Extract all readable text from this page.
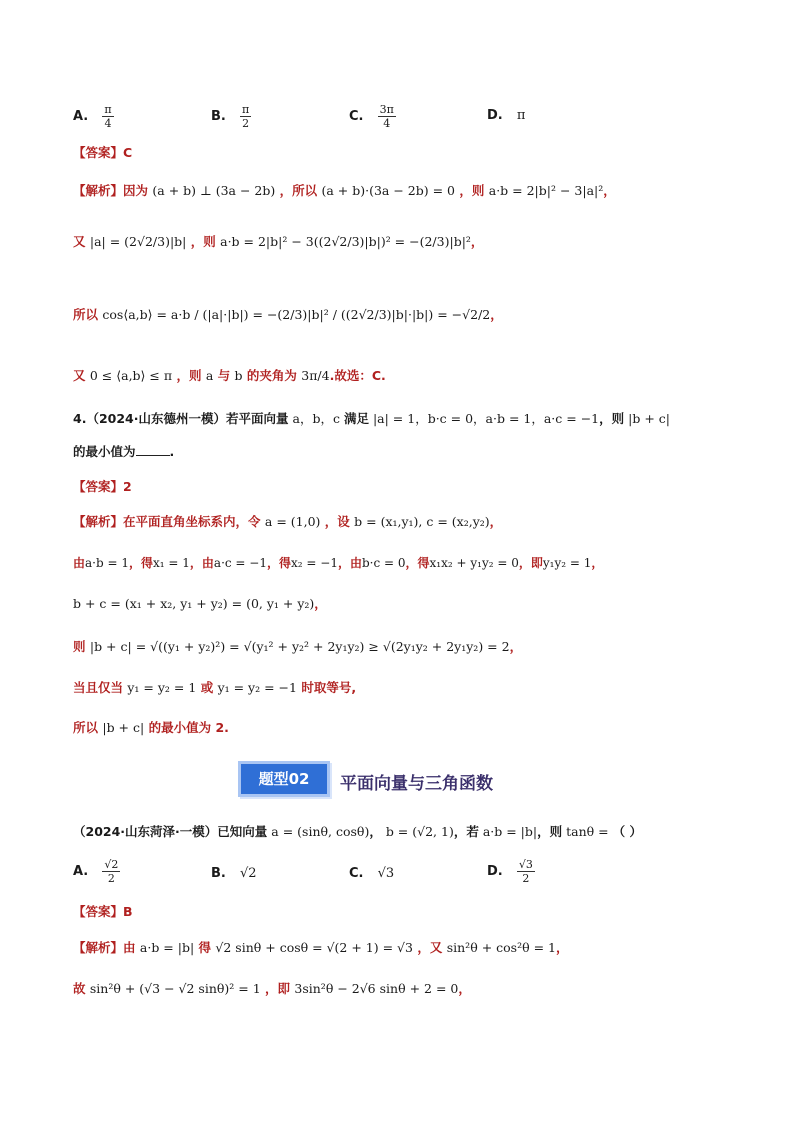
A. $\frac{\pi}{4}$	B. $\frac{\pi}{2}$	C. $\frac{3\pi}{4}$	D. π
【答案】C
【解析】因为 (a + b) ⊥ (3a − 2b) ，所以 (a + b)·(3a − 2b) = 0 ，则 a·b = 2|b|² − 3|a|²，
又 |a| = (2√2/3)|b| ，则 a·b = 2|b|² − 3((2√2/3)|b|)² = −(2/3)|b|²，
所以 cos⟨a,b⟩ = a·b / (|a|·|b|) = −(2/3)|b|² / ((2√2/3)|b|·|b|) = −√2/2，
又 0 ≤ ⟨a,b⟩ ≤ π ，则 a 与 b 的夹角为 3π/4.故选：C.
4.（2024·山东德州一模）若平面向量 a，b，c 满足 |a| = 1，b·c = 0，a·b = 1，a·c = −1，则 |b + c|
的最小值为	.
【答案】2
【解析】在平面直角坐标系内，令 a = (1,0) ，设 b = (x₁,y₁), c = (x₂,y₂)，
由a·b = 1，得x₁ = 1，由a·c = −1，得x₂ = −1，由b·c = 0，得x₁x₂ + y₁y₂ = 0，即y₁y₂ = 1，
b + c = (x₁ + x₂, y₁ + y₂) = (0, y₁ + y₂)，
则 |b + c| = √((y₁ + y₂)²) = √(y₁² + y₂² + 2y₁y₂) ≥ √(2y₁y₂ + 2y₁y₂) = 2，
当且仅当 y₁ = y₂ = 1 或 y₁ = y₂ = −1 时取等号,
所以 |b + c| 的最小值为 2.
题型02	平面向量与三角函数
（2024·山东菏泽·一模）已知向量 a = (sinθ, cosθ)， b = (√2, 1)，若 a·b = |b|，则 tanθ = （ ）
A. $\frac{√2}{2}$	B. √2	C. √3	D. $\frac{√3}{2}$
【答案】B
【解析】由 a·b = |b| 得 √2 sinθ + cosθ = √(2 + 1) = √3 ，又 sin²θ + cos²θ = 1，
故 sin²θ + (√3 − √2 sinθ)² = 1 ，即 3sin²θ − 2√6 sinθ + 2 = 0，
